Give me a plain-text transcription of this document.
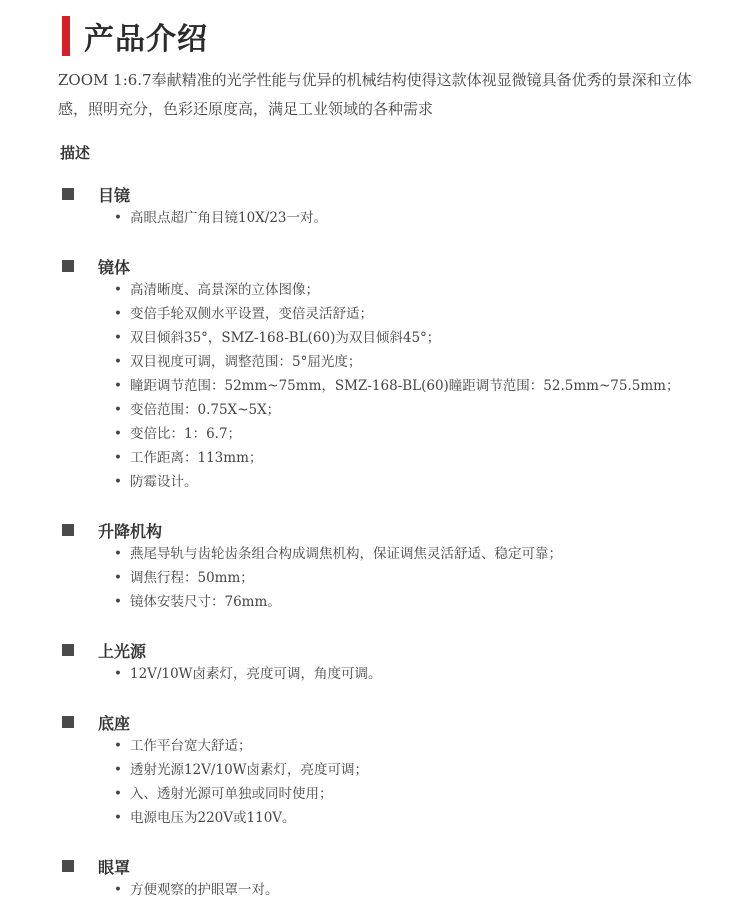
产品介绍
ZOOM 1:6.7奉献精准的光学性能与优异的机械结构使得这款体视显微镜具备优秀的景深和立体感，照明充分，色彩还原度高，满足工业领域的各种需求
描述
目镜
• 高眼点超广角目镜10X/23一对。
镜体
• 高清晰度、高景深的立体图像；
• 变倍手轮双侧水平设置，变倍灵活舒适；
• 双目倾斜35°，SMZ-168-BL(60)为双目倾斜45°；
• 双目视度可调，调整范围：5°屈光度；
• 瞳距调节范围：52mm~75mm，SMZ-168-BL(60)瞳距调节范围：52.5mm~75.5mm；
• 变倍范围：0.75X~5X；
• 变倍比：1：6.7；
• 工作距离：113mm；
• 防霉设计。
升降机构
• 燕尾导轨与齿轮齿条组合构成调焦机构，保证调焦灵活舒适、稳定可靠；
• 调焦行程：50mm；
• 镜体安装尺寸：76mm。
上光源
• 12V/10W卤素灯，亮度可调，角度可调。
底座
• 工作平台宽大舒适；
• 透射光源12V/10W卤素灯，亮度可调；
• 入、透射光源可单独或同时使用；
• 电源电压为220V或110V。
眼罩
• 方便观察的护眼罩一对。
